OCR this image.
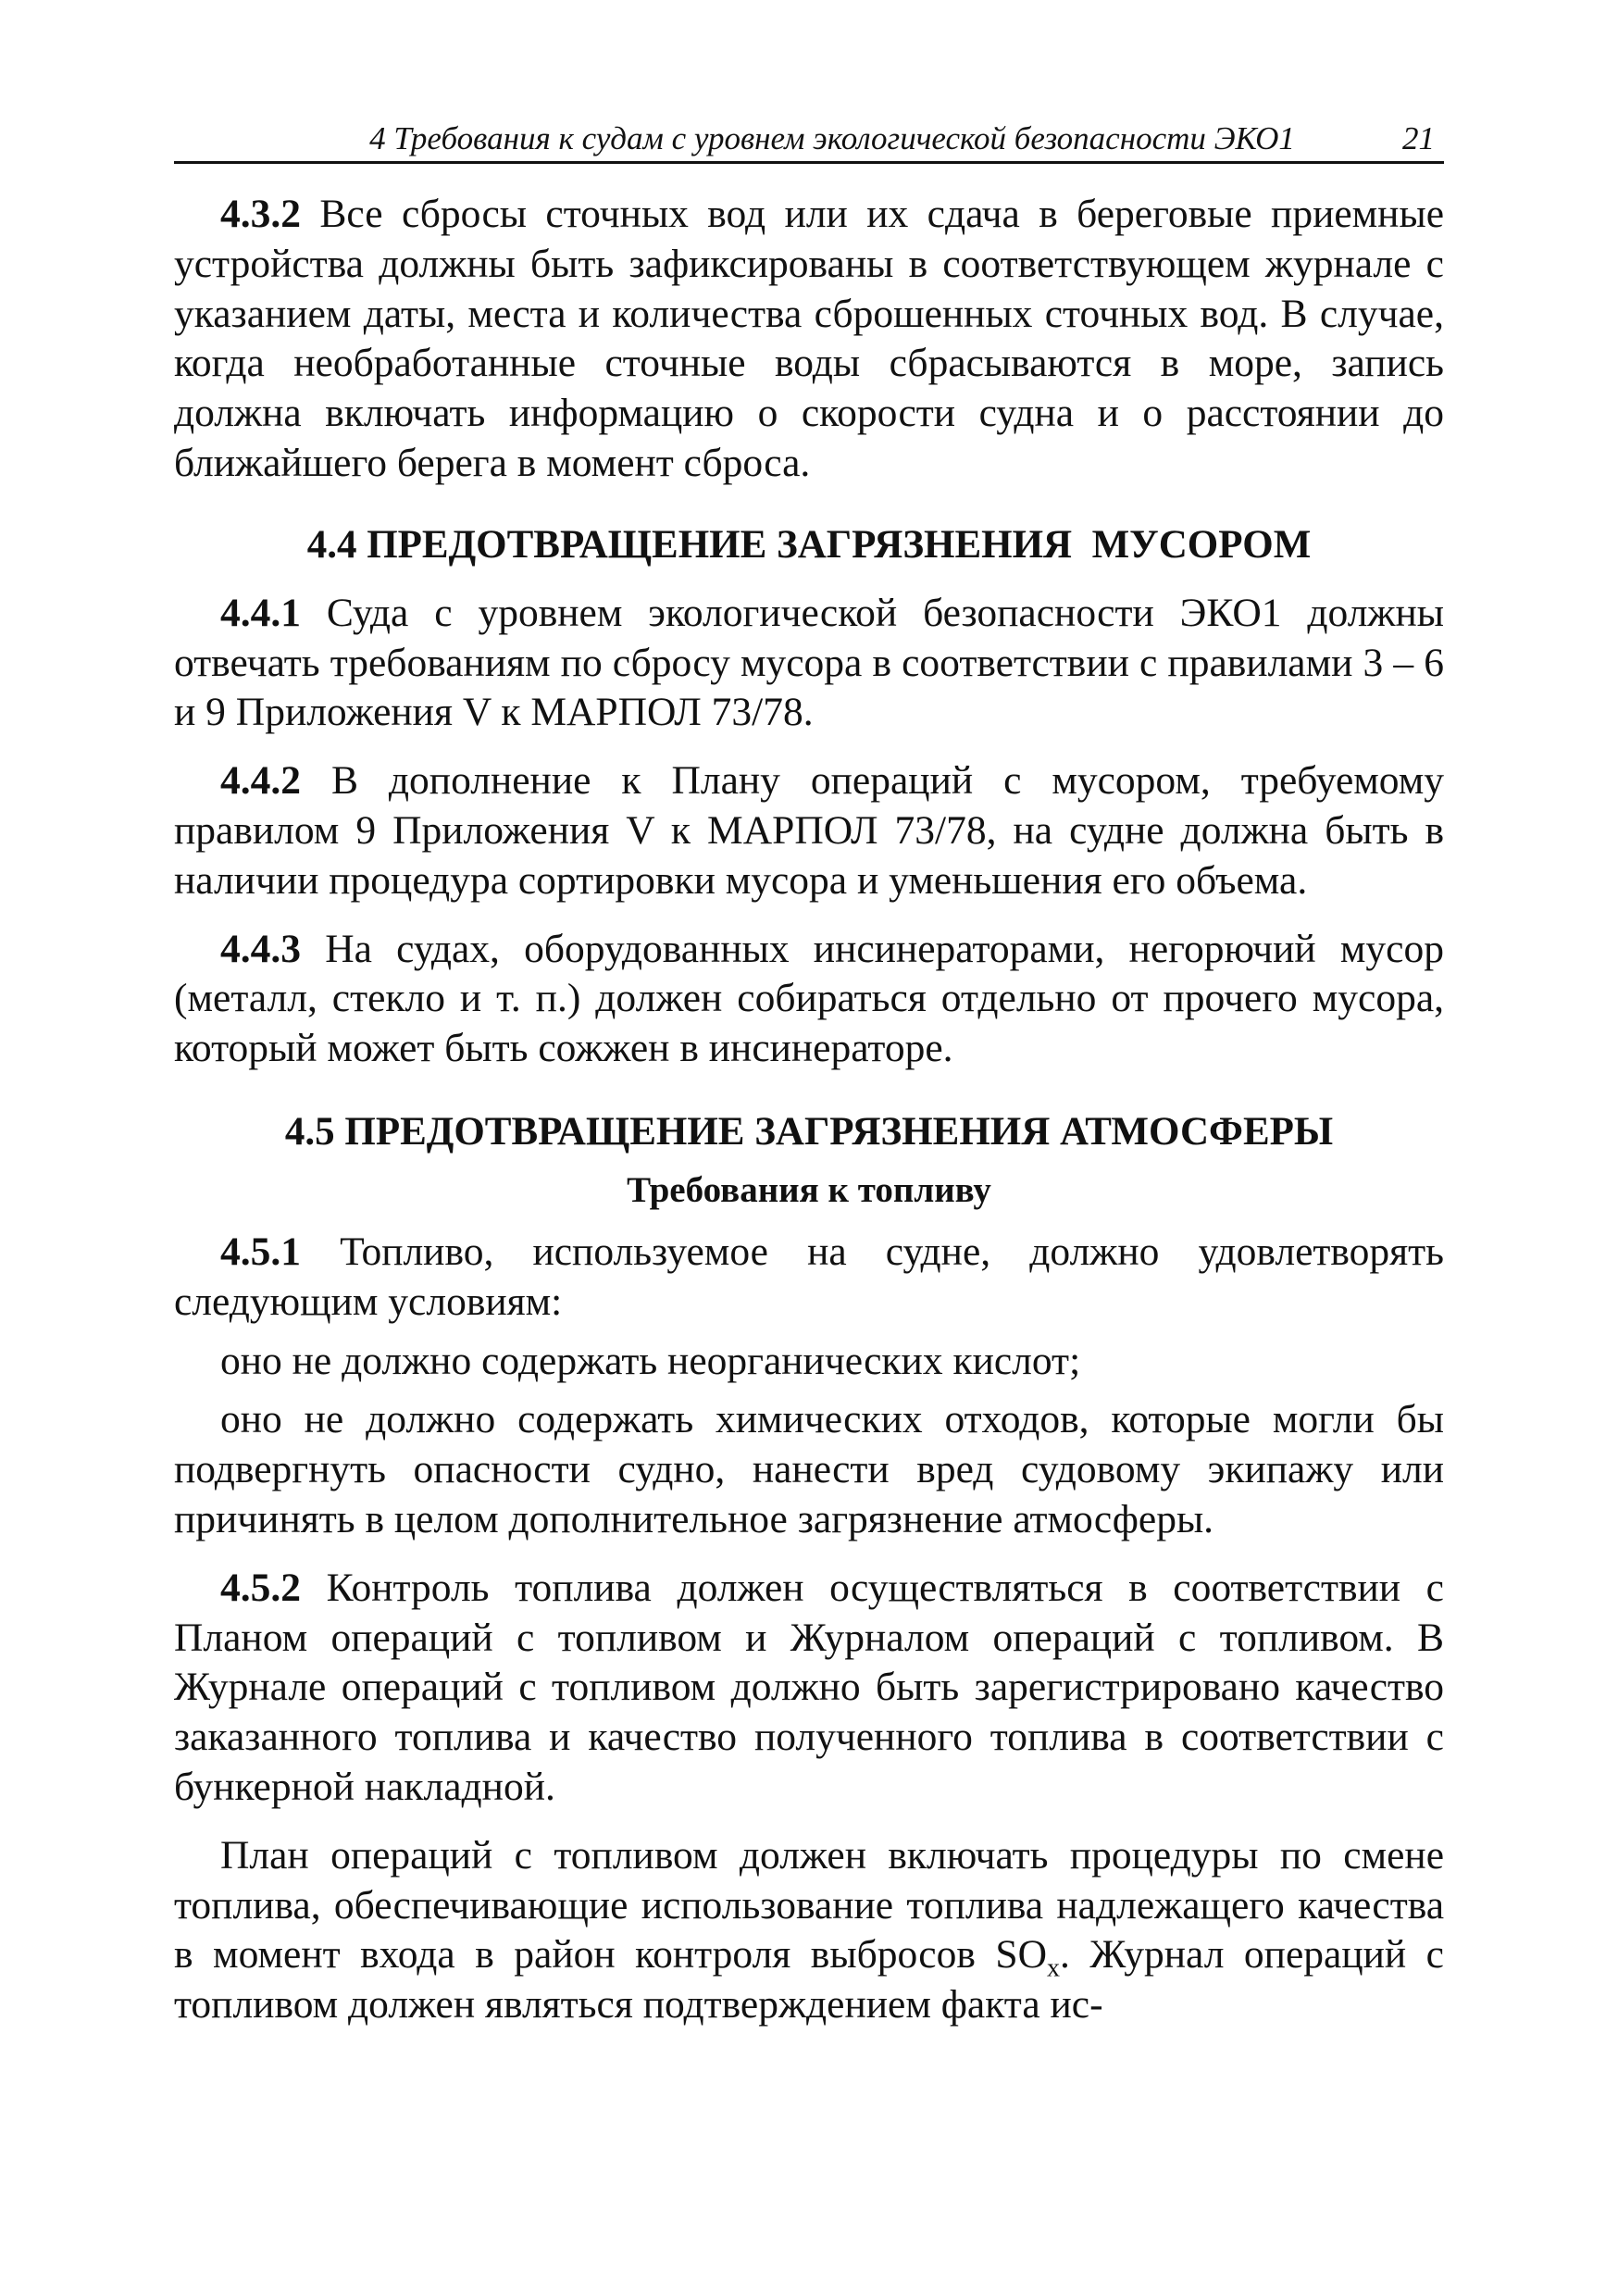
4 Требования к судам с уровнем экологической безопасности ЭКО1	21

4.3.2 Все сбросы сточных вод или их сдача в береговые приемные устройства должны быть зафиксированы в соответствующем журнале с указанием даты, места и количества сброшенных сточных вод. В случае, когда необработанные сточные воды сбрасываются в море, запись должна включать информацию о скорости судна и о расстоянии до ближайшего берега в момент сброса.

4.4 ПРЕДОТВРАЩЕНИЕ ЗАГРЯЗНЕНИЯ  МУСОРОМ

4.4.1 Суда с уровнем экологической безопасности ЭКО1 должны отвечать требованиям по сбросу мусора в соответствии с правилами 3 – 6 и 9 Приложения V к МАРПОЛ 73/78.

4.4.2 В дополнение к Плану операций с мусором, требуемому правилом 9 Приложения V к МАРПОЛ 73/78, на судне должна быть в наличии процедура сортировки мусора и уменьшения его объема.

4.4.3 На судах, оборудованных инсинераторами, негорючий мусор (металл, стекло и т. п.) должен собираться отдельно от прочего мусора, который может быть сожжен в инсинераторе.

4.5 ПРЕДОТВРАЩЕНИЕ ЗАГРЯЗНЕНИЯ АТМОСФЕРЫ
Требования к топливу

4.5.1 Топливо, используемое на судне, должно удовлетворять следующим условиям:

оно не должно содержать неорганических кислот;

оно не должно содержать химических отходов, которые могли бы подвергнуть опасности судно, нанести вред судовому экипажу или причинять в целом дополнительное загрязнение атмосферы.

4.5.2 Контроль топлива должен осуществляться в соответствии с Планом операций с топливом и Журналом операций с топливом. В Журнале операций с топливом должно быть зарегистрировано качество заказанного топлива и качество полученного топлива в соответствии с бункерной накладной.

План операций с топливом должен включать процедуры по смене топлива, обеспечивающие использование топлива надлежащего качества в момент входа в район контроля выбросов $SO_x$. Журнал операций с топливом должен являться подтверждением факта ис-
